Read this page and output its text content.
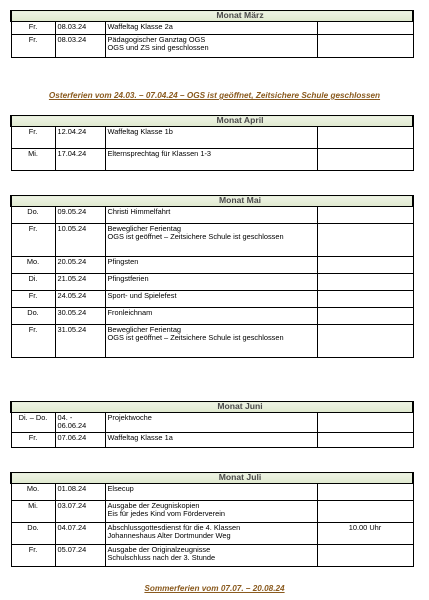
Monat März			
Fr.	08.03.24	Waffeltag Klasse 2a	
Fr.	08.03.24	Pädagogischer Ganztag OGS
OGS und ZS sind geschlossen	

Osterferien vom 24.03. – 07.04.24 – OGS ist geöffnet, Zeitsichere Schule geschlossen
Monat April			
Fr.	12.04.24	Waffeltag Klasse 1b	
Mi.	17.04.24	Elternsprechtag für Klassen 1-3	
Monat Mai			
Do.	09.05.24	Christi Himmelfahrt	
Fr.	10.05.24	Beweglicher Ferientag
OGS ist geöffnet – Zeitsichere Schule ist geschlossen	

Mo.	20.05.24	Pfingsten	
Di.	21.05.24	Pfingstferien	
Fr.	24.05.24	Sport- und Spielefest	
Do.	30.05.24	Fronleichnam	
Fr.	31.05.24	Beweglicher Ferientag
OGS ist geöffnet – Zeitsichere Schule ist geschlossen	

Monat Juni			
Di. – Do.	04. - 06.06.24	Projektwoche	
Fr.	07.06.24	Waffeltag Klasse 1a	
Monat Juli			
Mo.	01.08.24	Elsecup	
Mi.	03.07.24	Ausgabe der Zeugniskopien
Eis für jedes Kind vom Förderverein	

Do.	04.07.24	Abschlussgottesdienst für die 4. Klassen
Johanneshaus Alter Dortmunder Weg	10.00 Uhr
Fr.	05.07.24	Ausgabe der Originalzeugnisse
Schulschluss nach der 3. Stunde	

Sommerferien vom 07.07. – 20.08.24
